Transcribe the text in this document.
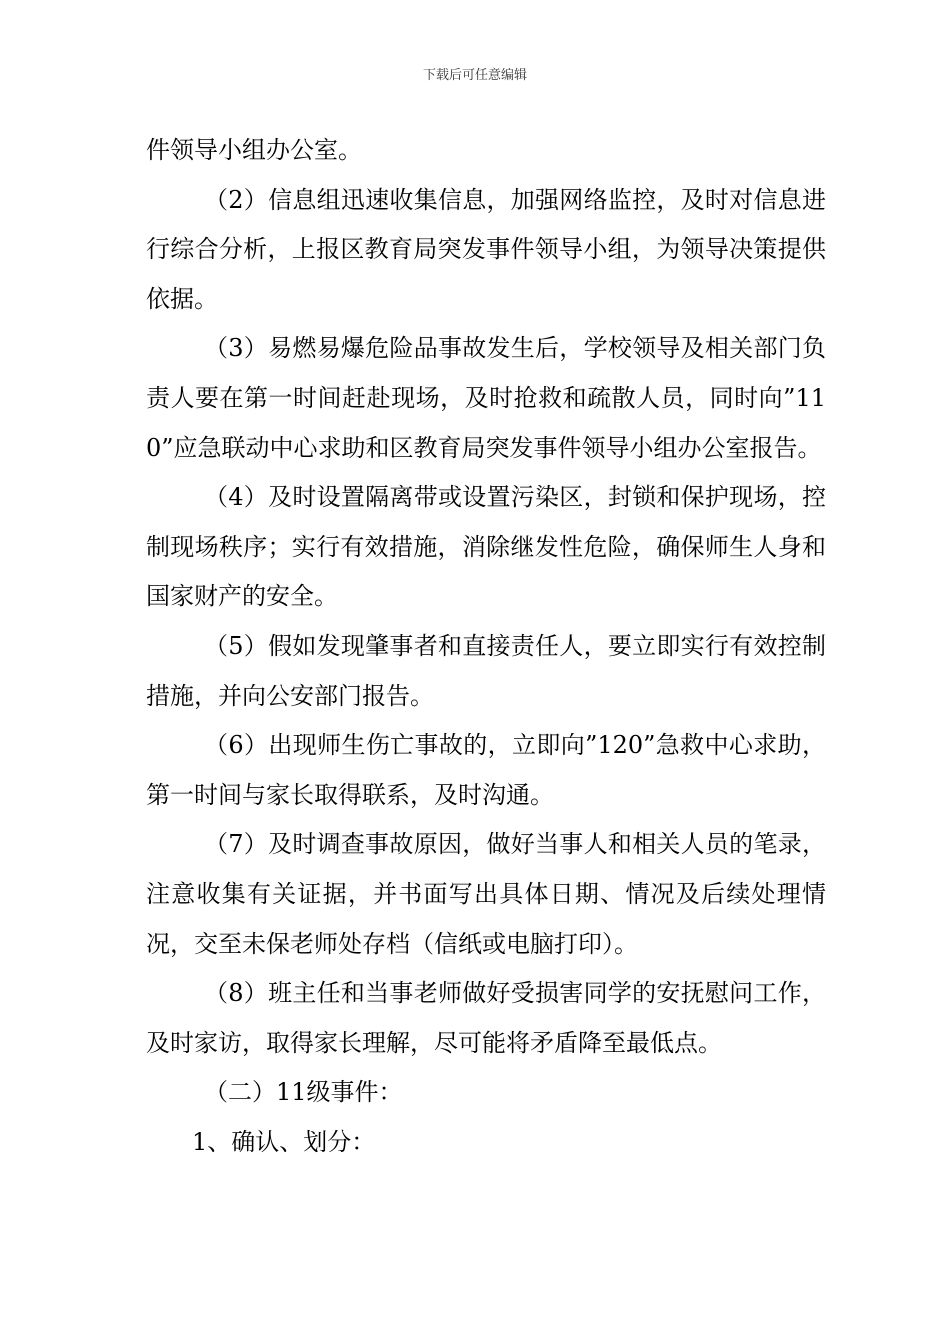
下载后可任意编辑

件领导小组办公室。

（2）信息组迅速收集信息，加强网络监控，及时对信息进行综合分析，上报区教育局突发事件领导小组，为领导决策提供依据。

（3）易燃易爆危险品事故发生后，学校领导及相关部门负责人要在第一时间赶赴现场，及时抢救和疏散人员，同时向”110”应急联动中心求助和区教育局突发事件领导小组办公室报告。

（4）及时设置隔离带或设置污染区，封锁和保护现场，控制现场秩序；实行有效措施，消除继发性危险，确保师生人身和国家财产的安全。

（5）假如发现肇事者和直接责任人，要立即实行有效控制措施，并向公安部门报告。

（6）出现师生伤亡事故的，立即向”120”急救中心求助，第一时间与家长取得联系，及时沟通。

（7）及时调查事故原因，做好当事人和相关人员的笔录，注意收集有关证据，并书面写出具体日期、情况及后续处理情况，交至未保老师处存档（信纸或电脑打印）。

（8）班主任和当事老师做好受损害同学的安抚慰问工作，及时家访，取得家长理解，尽可能将矛盾降至最低点。

（二）11级事件：

1、确认、划分：
